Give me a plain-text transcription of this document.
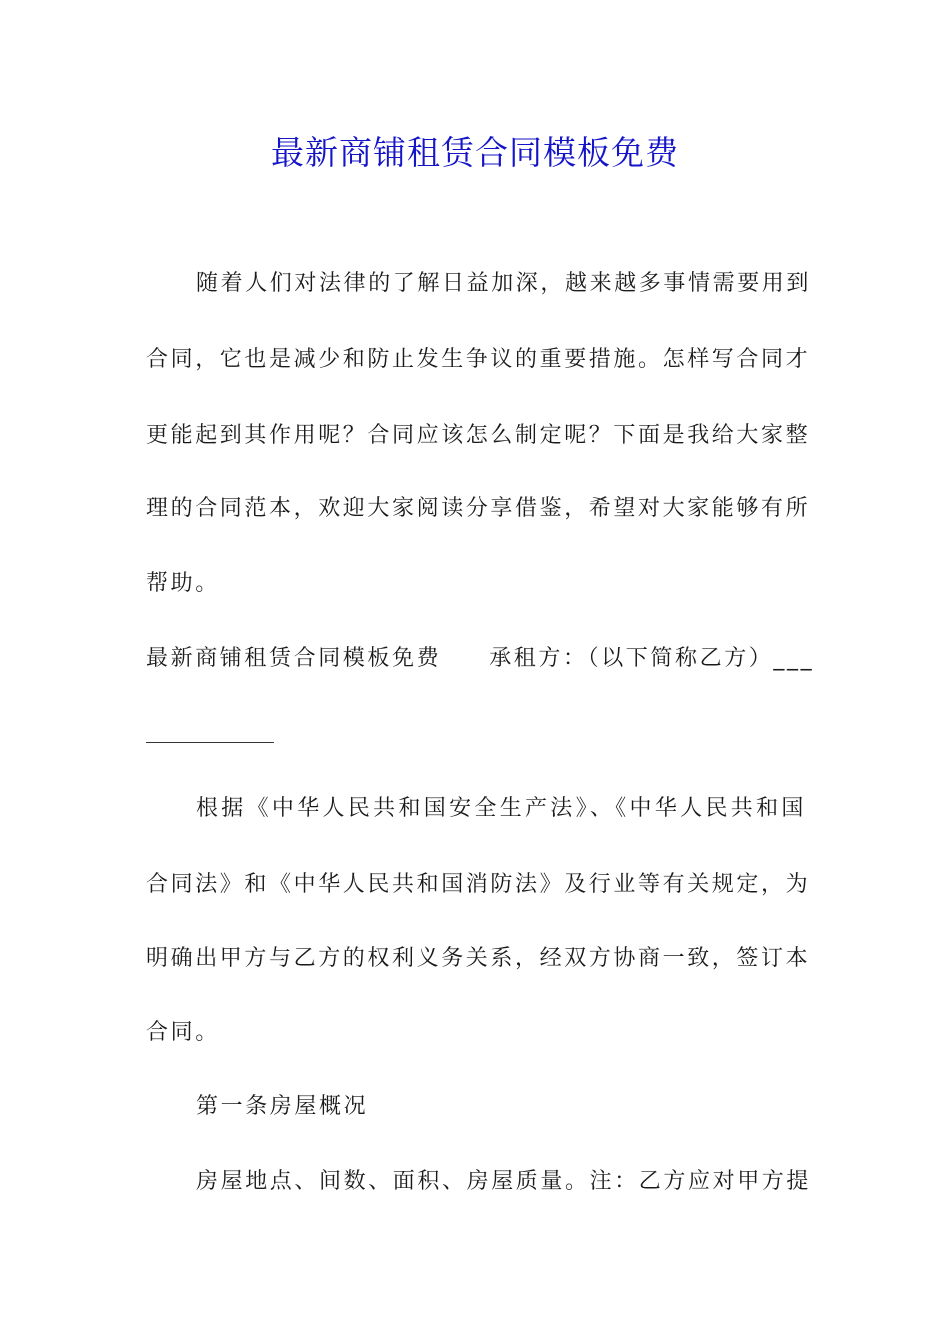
最新商铺租赁合同模板免费
随着人们对法律的了解日益加深，越来越多事情需要用到
合同，它也是减少和防止发生争议的重要措施。怎样写合同才
更能起到其作用呢？合同应该怎么制定呢？下面是我给大家整
理的合同范本，欢迎大家阅读分享借鉴，希望对大家能够有所
帮助。
最新商铺租赁合同模板免费 承租方：（以下简称乙方）___
根据《中华人民共和国安全生产法》、《中华人民共和国
合同法》和《中华人民共和国消防法》及行业等有关规定，为
明确出甲方与乙方的权利义务关系，经双方协商一致，签订本
合同。
第一条房屋概况
房屋地点、间数、面积、房屋质量。注：乙方应对甲方提
